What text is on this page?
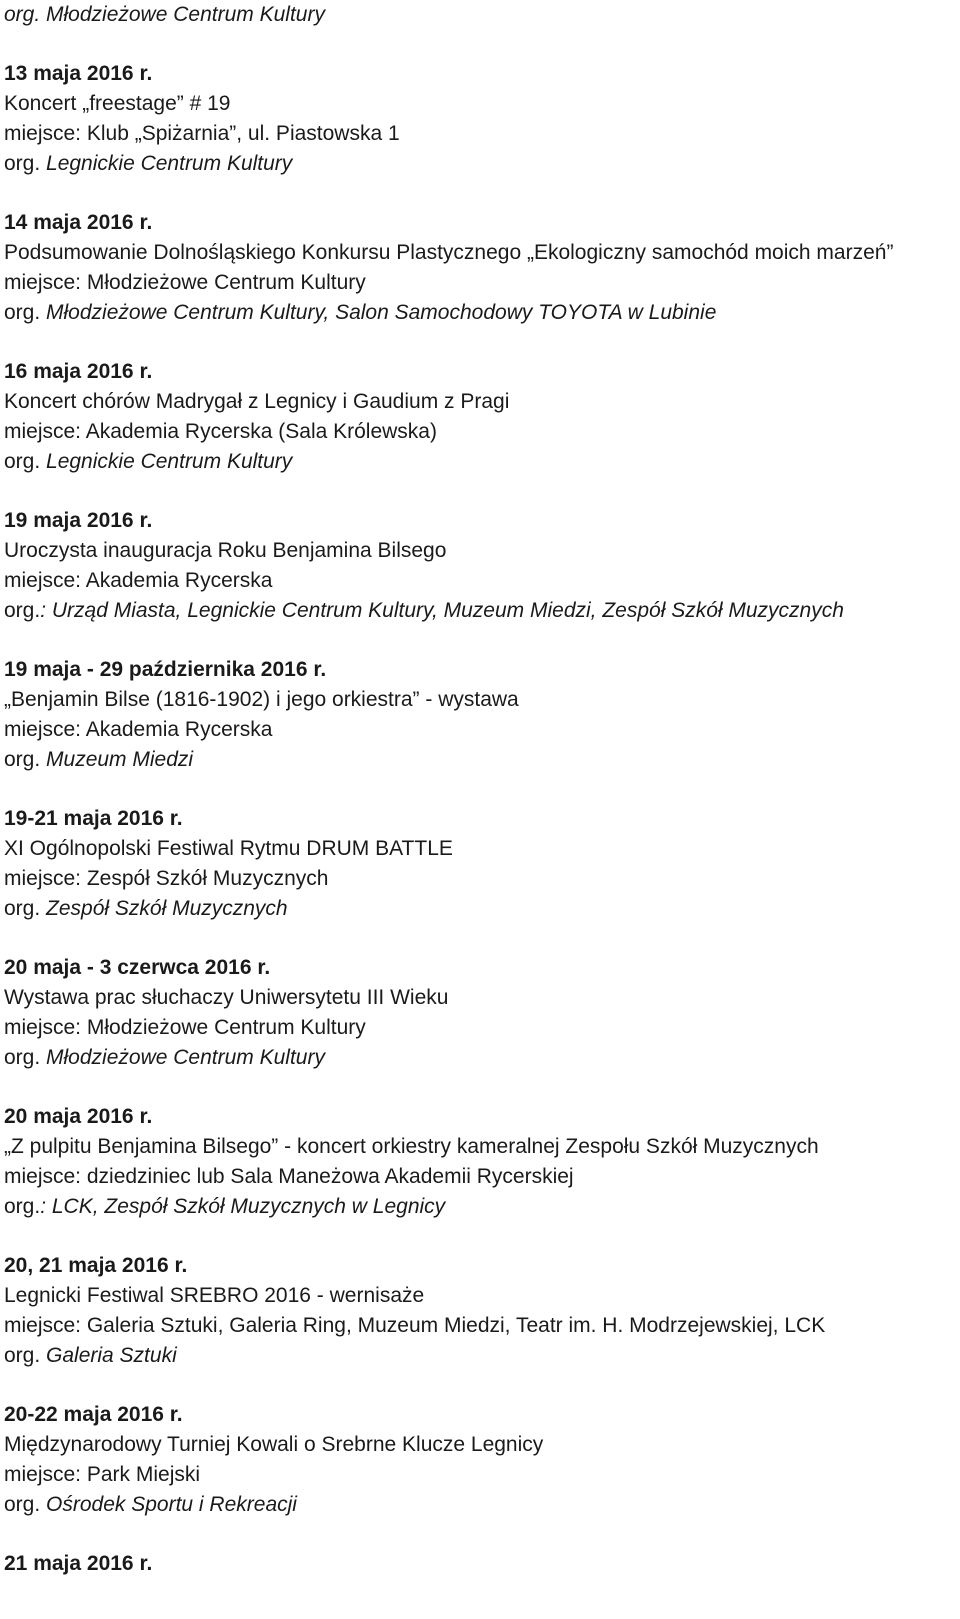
org. Młodzieżowe Centrum Kultury
13 maja 2016 r.
Koncert „freestage” # 19
miejsce: Klub „Spiżarnia”, ul. Piastowska 1
org. Legnickie Centrum Kultury
14 maja 2016 r.
Podsumowanie Dolnośląskiego Konkursu Plastycznego „Ekologiczny samochód moich marzeń”
miejsce: Młodzieżowe Centrum Kultury
org. Młodzieżowe Centrum Kultury, Salon Samochodowy TOYOTA w Lubinie
16 maja 2016 r.
Koncert chórów Madrygał z Legnicy i Gaudium z Pragi
miejsce: Akademia Rycerska (Sala Królewska)
org. Legnickie Centrum Kultury
19 maja 2016 r.
Uroczysta inauguracja Roku Benjamina Bilsego
miejsce: Akademia Rycerska
org.: Urząd Miasta, Legnickie Centrum Kultury, Muzeum Miedzi, Zespół Szkół Muzycznych
19 maja - 29 października 2016 r.
„Benjamin Bilse (1816-1902) i jego orkiestra” - wystawa
miejsce: Akademia Rycerska
org. Muzeum Miedzi
19-21 maja 2016 r.
XI Ogólnopolski Festiwal Rytmu DRUM BATTLE
miejsce: Zespół Szkół Muzycznych
org. Zespół Szkół Muzycznych
20 maja - 3 czerwca 2016 r.
Wystawa prac słuchaczy Uniwersytetu III Wieku
miejsce: Młodzieżowe Centrum Kultury
org. Młodzieżowe Centrum Kultury
20 maja 2016 r.
„Z pulpitu Benjamina Bilsego” - koncert orkiestry kameralnej Zespołu Szkół Muzycznych
miejsce: dziedziniec lub Sala Maneżowa Akademii Rycerskiej
org.: LCK, Zespół Szkół Muzycznych w Legnicy
20, 21 maja 2016 r.
Legnicki Festiwal SREBRO 2016 - wernisaże
miejsce: Galeria Sztuki, Galeria Ring, Muzeum Miedzi, Teatr im. H. Modrzejewskiej, LCK
org. Galeria Sztuki
20-22 maja 2016 r.
Międzynarodowy Turniej Kowali o Srebrne Klucze Legnicy
miejsce: Park Miejski
org. Ośrodek Sportu i Rekreacji
21 maja 2016 r.
